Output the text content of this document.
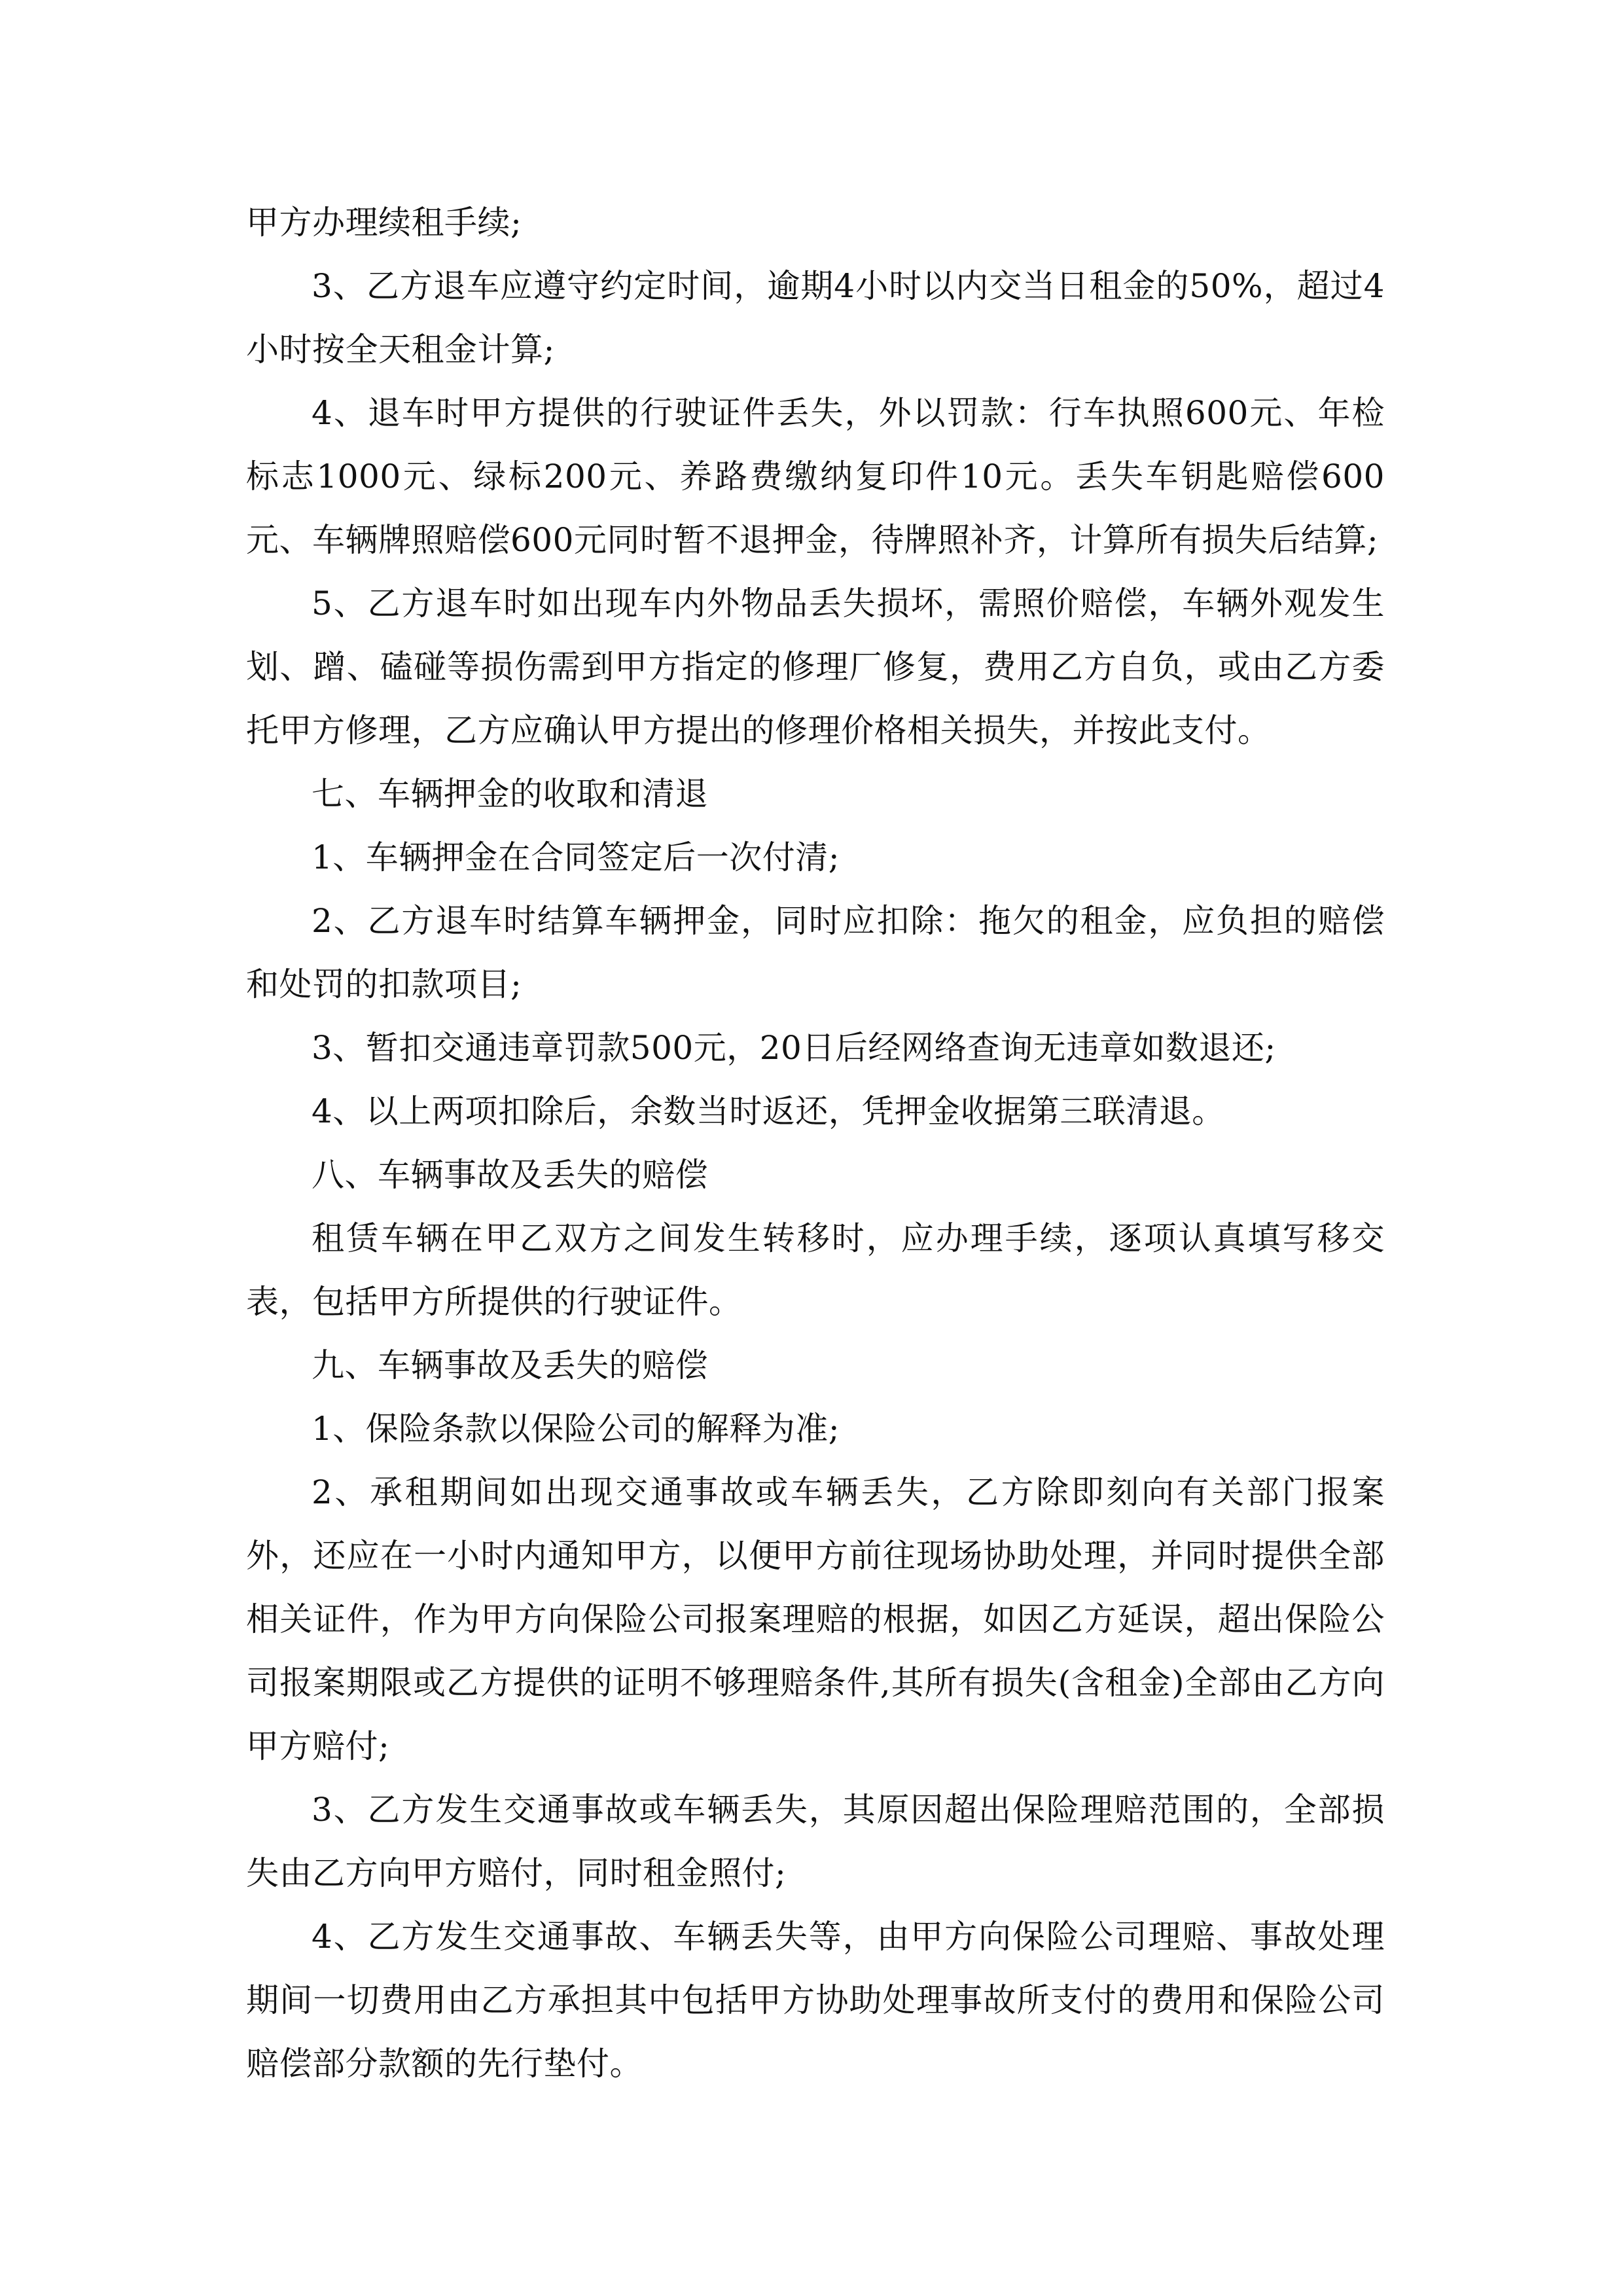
甲方办理续租手续;

3、乙方退车应遵守约定时间，逾期4小时以内交当日租金的50%，超过4小时按全天租金计算;

4、退车时甲方提供的行驶证件丢失，外以罚款：行车执照600元、年检标志1000元、绿标200元、养路费缴纳复印件10元。丢失车钥匙赔偿600元、车辆牌照赔偿600元同时暂不退押金，待牌照补齐，计算所有损失后结算;

5、乙方退车时如出现车内外物品丢失损坏，需照价赔偿，车辆外观发生划、蹭、磕碰等损伤需到甲方指定的修理厂修复，费用乙方自负，或由乙方委托甲方修理，乙方应确认甲方提出的修理价格相关损失，并按此支付。

七、车辆押金的收取和清退

1、车辆押金在合同签定后一次付清;

2、乙方退车时结算车辆押金，同时应扣除：拖欠的租金，应负担的赔偿和处罚的扣款项目;

3、暂扣交通违章罚款500元，20日后经网络查询无违章如数退还;

4、以上两项扣除后，余数当时返还，凭押金收据第三联清退。

八、车辆事故及丢失的赔偿

租赁车辆在甲乙双方之间发生转移时，应办理手续，逐项认真填写移交表，包括甲方所提供的行驶证件。

九、车辆事故及丢失的赔偿

1、保险条款以保险公司的解释为准;

2、承租期间如出现交通事故或车辆丢失，乙方除即刻向有关部门报案外，还应在一小时内通知甲方，以便甲方前往现场协助处理，并同时提供全部相关证件，作为甲方向保险公司报案理赔的根据，如因乙方延误，超出保险公司报案期限或乙方提供的证明不够理赔条件,其所有损失(含租金)全部由乙方向甲方赔付;

3、乙方发生交通事故或车辆丢失，其原因超出保险理赔范围的，全部损失由乙方向甲方赔付，同时租金照付;

4、乙方发生交通事故、车辆丢失等，由甲方向保险公司理赔、事故处理期间一切费用由乙方承担其中包括甲方协助处理事故所支付的费用和保险公司赔偿部分款额的先行垫付。
